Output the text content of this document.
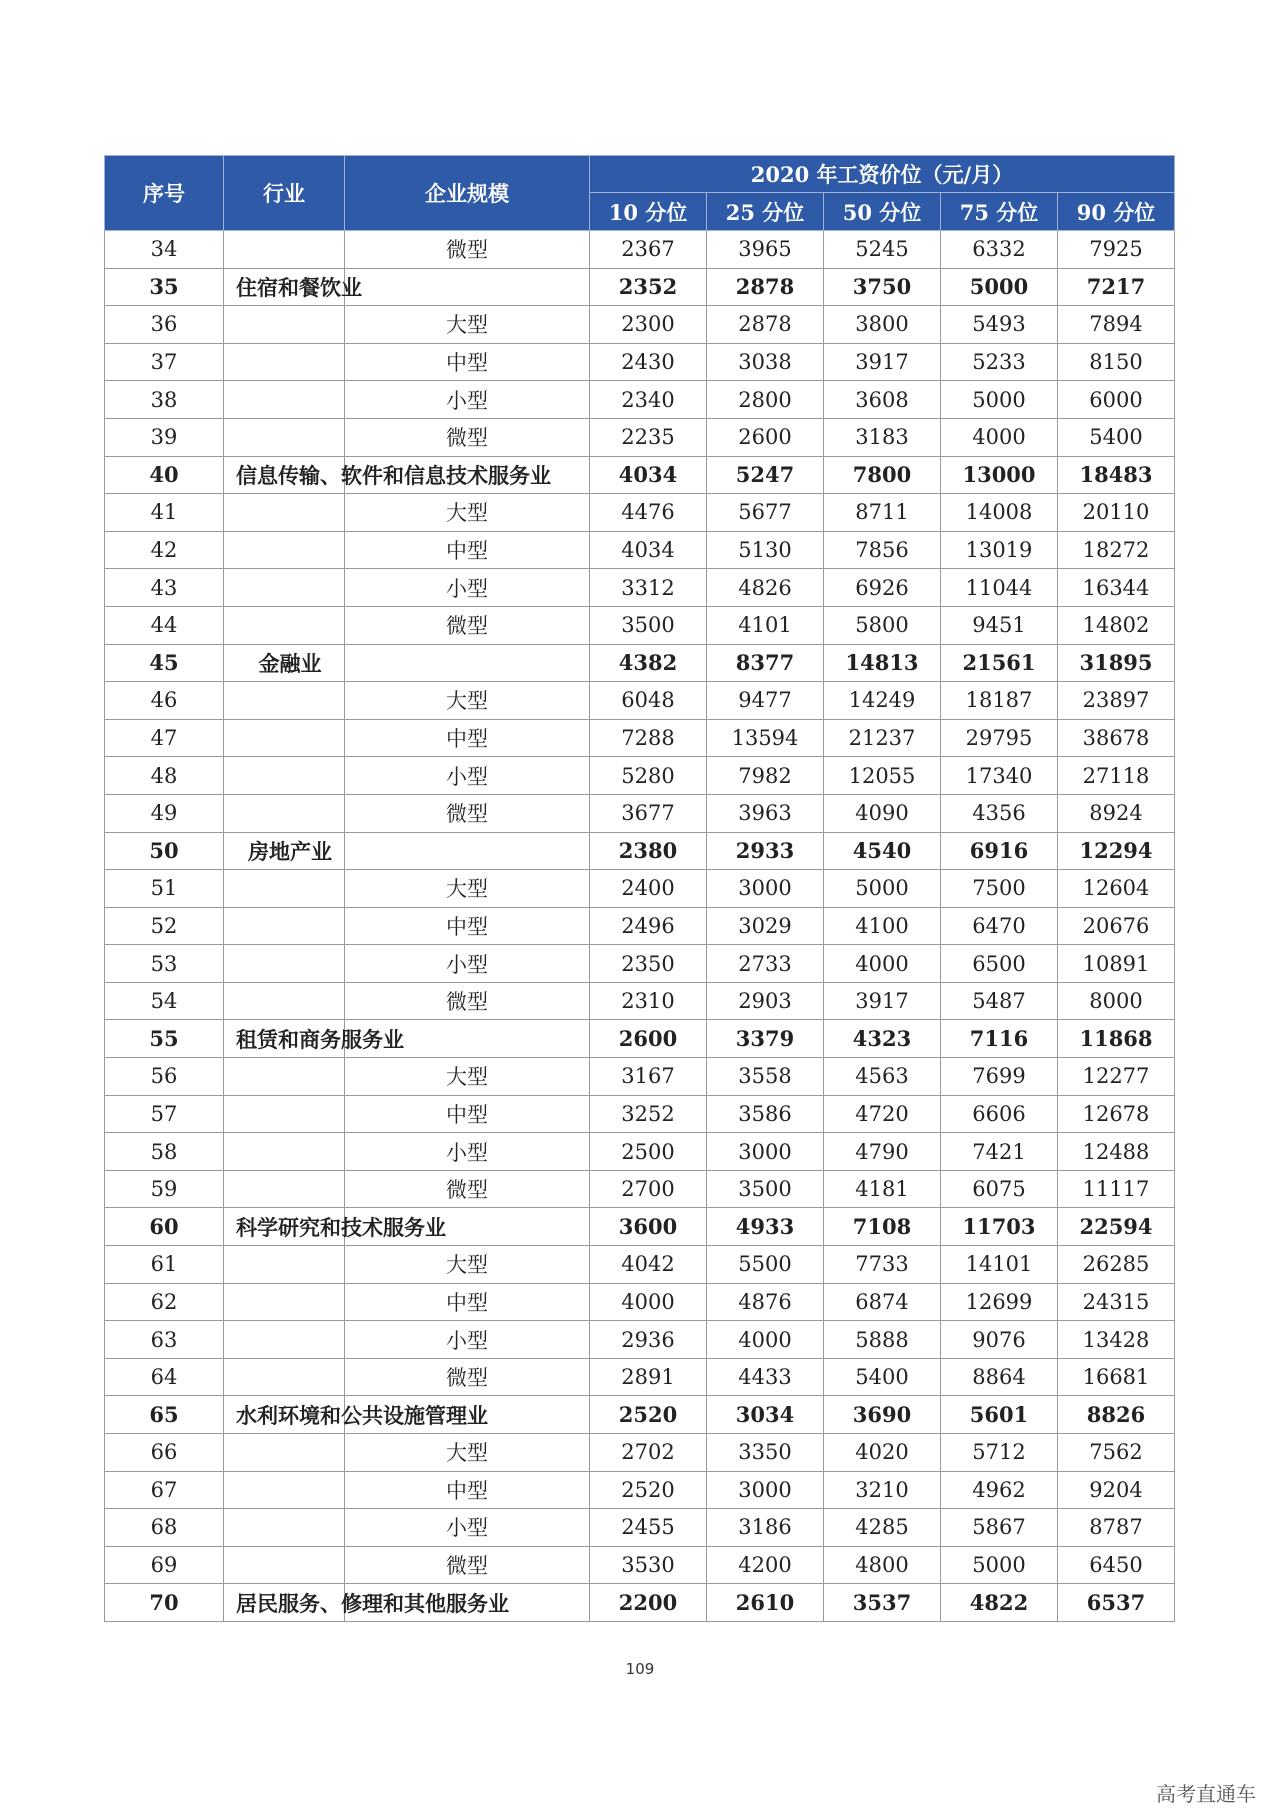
序号	行业	企业规模	2020 年工资价位（元/月）				
			10 分位	25 分位	50 分位	75 分位	90 分位
34		微型	2367	3965	5245	6332	7925
35	住宿和餐饮业		2352	2878	3750	5000	7217
36		大型	2300	2878	3800	5493	7894
37		中型	2430	3038	3917	5233	8150
38		小型	2340	2800	3608	5000	6000
39		微型	2235	2600	3183	4000	5400
40	信息传输、软件和信息技术服务业		4034	5247	7800	13000	18483
41		大型	4476	5677	8711	14008	20110
42		中型	4034	5130	7856	13019	18272
43		小型	3312	4826	6926	11044	16344
44		微型	3500	4101	5800	9451	14802
45	金融业		4382	8377	14813	21561	31895
46		大型	6048	9477	14249	18187	23897
47		中型	7288	13594	21237	29795	38678
48		小型	5280	7982	12055	17340	27118
49		微型	3677	3963	4090	4356	8924
50	房地产业		2380	2933	4540	6916	12294
51		大型	2400	3000	5000	7500	12604
52		中型	2496	3029	4100	6470	20676
53		小型	2350	2733	4000	6500	10891
54		微型	2310	2903	3917	5487	8000
55	租赁和商务服务业		2600	3379	4323	7116	11868
56		大型	3167	3558	4563	7699	12277
57		中型	3252	3586	4720	6606	12678
58		小型	2500	3000	4790	7421	12488
59		微型	2700	3500	4181	6075	11117
60	科学研究和技术服务业		3600	4933	7108	11703	22594
61		大型	4042	5500	7733	14101	26285
62		中型	4000	4876	6874	12699	24315
63		小型	2936	4000	5888	9076	13428
64		微型	2891	4433	5400	8864	16681
65	水利环境和公共设施管理业		2520	3034	3690	5601	8826
66		大型	2702	3350	4020	5712	7562
67		中型	2520	3000	3210	4962	9204
68		小型	2455	3186	4285	5867	8787
69		微型	3530	4200	4800	5000	6450
70	居民服务、修理和其他服务业		2200	2610	3537	4822	6537
109
高考直通车
